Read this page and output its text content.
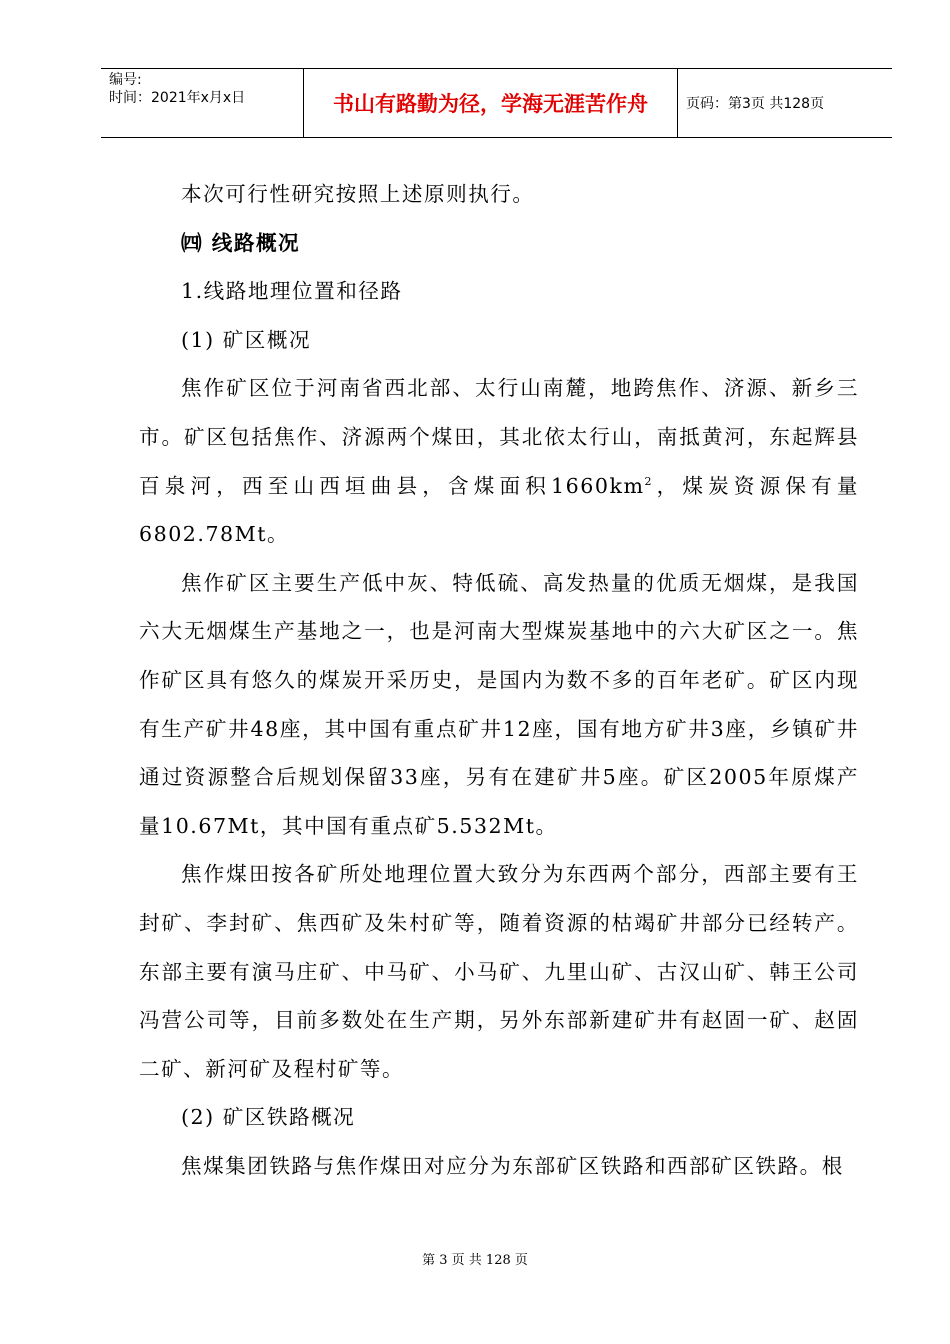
编号:
时间：2021年x月x日	书山有路勤为径，学海无涯苦作舟	页码：第3页 共128页

本次可行性研究按照上述原则执行。

㈣ 线路概况

1.线路地理位置和径路

(1) 矿区概况

焦作矿区位于河南省西北部、太行山南麓，地跨焦作、济源、新乡三市。矿区包括焦作、济源两个煤田，其北依太行山，南抵黄河，东起辉县百泉河，西至山西垣曲县，含煤面积$1660km^2$，煤炭资源保有量6802.78Mt。

焦作矿区主要生产低中灰、特低硫、高发热量的优质无烟煤，是我国六大无烟煤生产基地之一，也是河南大型煤炭基地中的六大矿区之一。焦作矿区具有悠久的煤炭开采历史，是国内为数不多的百年老矿。矿区内现有生产矿井48座，其中国有重点矿井12座，国有地方矿井3座，乡镇矿井通过资源整合后规划保留33座，另有在建矿井5座。矿区2005年原煤产量10.67Mt，其中国有重点矿5.532Mt。

焦作煤田按各矿所处地理位置大致分为东西两个部分，西部主要有王封矿、李封矿、焦西矿及朱村矿等，随着资源的枯竭矿井部分已经转产。东部主要有演马庄矿、中马矿、小马矿、九里山矿、古汉山矿、韩王公司冯营公司等，目前多数处在生产期，另外东部新建矿井有赵固一矿、赵固二矿、新河矿及程村矿等。

(2) 矿区铁路概况

焦煤集团铁路与焦作煤田对应分为东部矿区铁路和西部矿区铁路。根

第 3 页 共 128 页
